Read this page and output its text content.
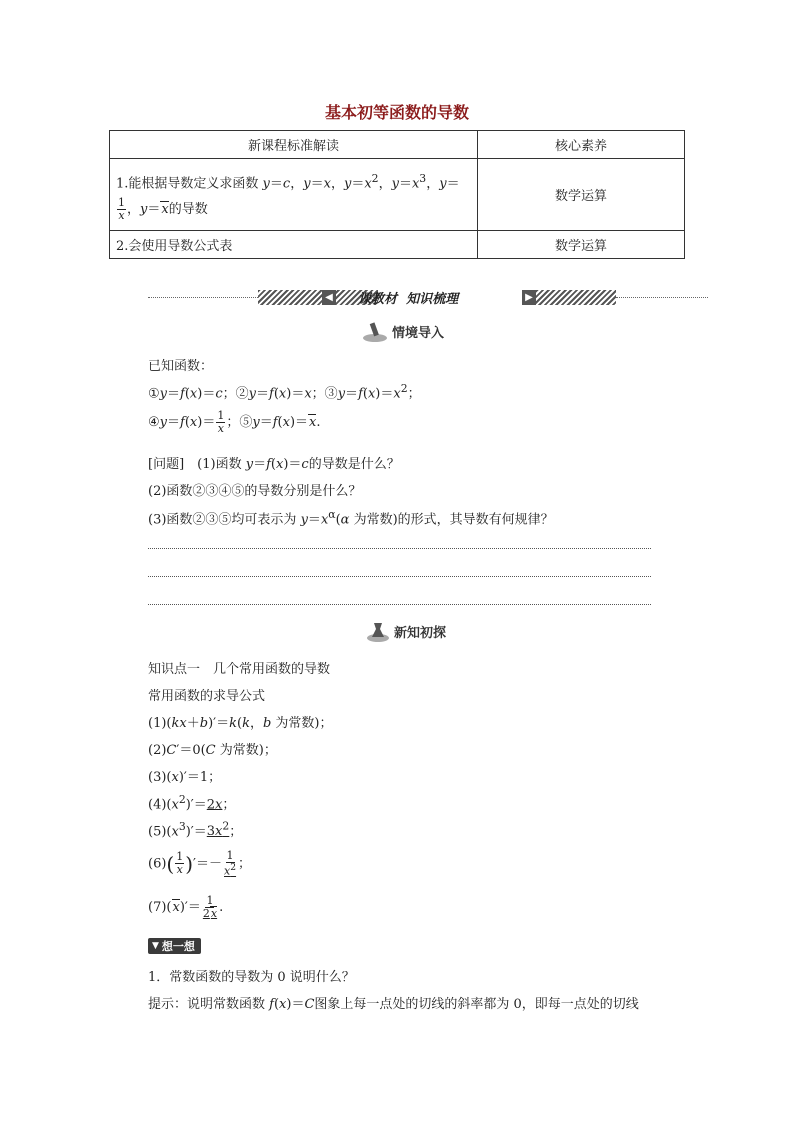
基本初等函数的导数
新课程标准解读	核心素养
1.能根据导数定义求函数 y＝c，y＝x，$y=x^2$，$y=x^3$，y＝

$\frac{1}{x}$ ，y＝x的导数	数学运算
2.会使用导数公式表	数学运算
◀ 课教材 知识梳理	▶
情境导入
已知函数：
①y＝f(x)＝c；②y＝f(x)＝x；$③y=f(x)=x^2$；
④y＝f(x)＝ $\frac{1}{x}$ ；⑤y＝f(x)＝x.
[问题]　(1)函数 y＝f(x)＝c的导数是什么？
(2)函数②③④⑤的导数分别是什么？
(3)函数②③⑤均可表示为 $y=x^\alpha(\alpha$ 为常数)的形式，其导数有何规律？
新知初探
知识点一　几个常用函数的导数
常用函数的求导公式
(1)(kx＋b)′＝k(k，b 为常数)；
(2)C′＝0(C 为常数)；
(3)(x)′＝1；
$(4)(x^2)'=2x$；
$(5)(x^3)'=3x^2$；
$(6)( \frac{1}{x}$ )′＝－ $\frac{1}{x^2}$ ；
$(7)(x)'= \frac{1}{2x}$ .
▼ 想一想
1．常数函数的导数为 0 说明什么？
提示：说明常数函数 f(x)＝C图象上每一点处的切线的斜率都为 0，即每一点处的切线
